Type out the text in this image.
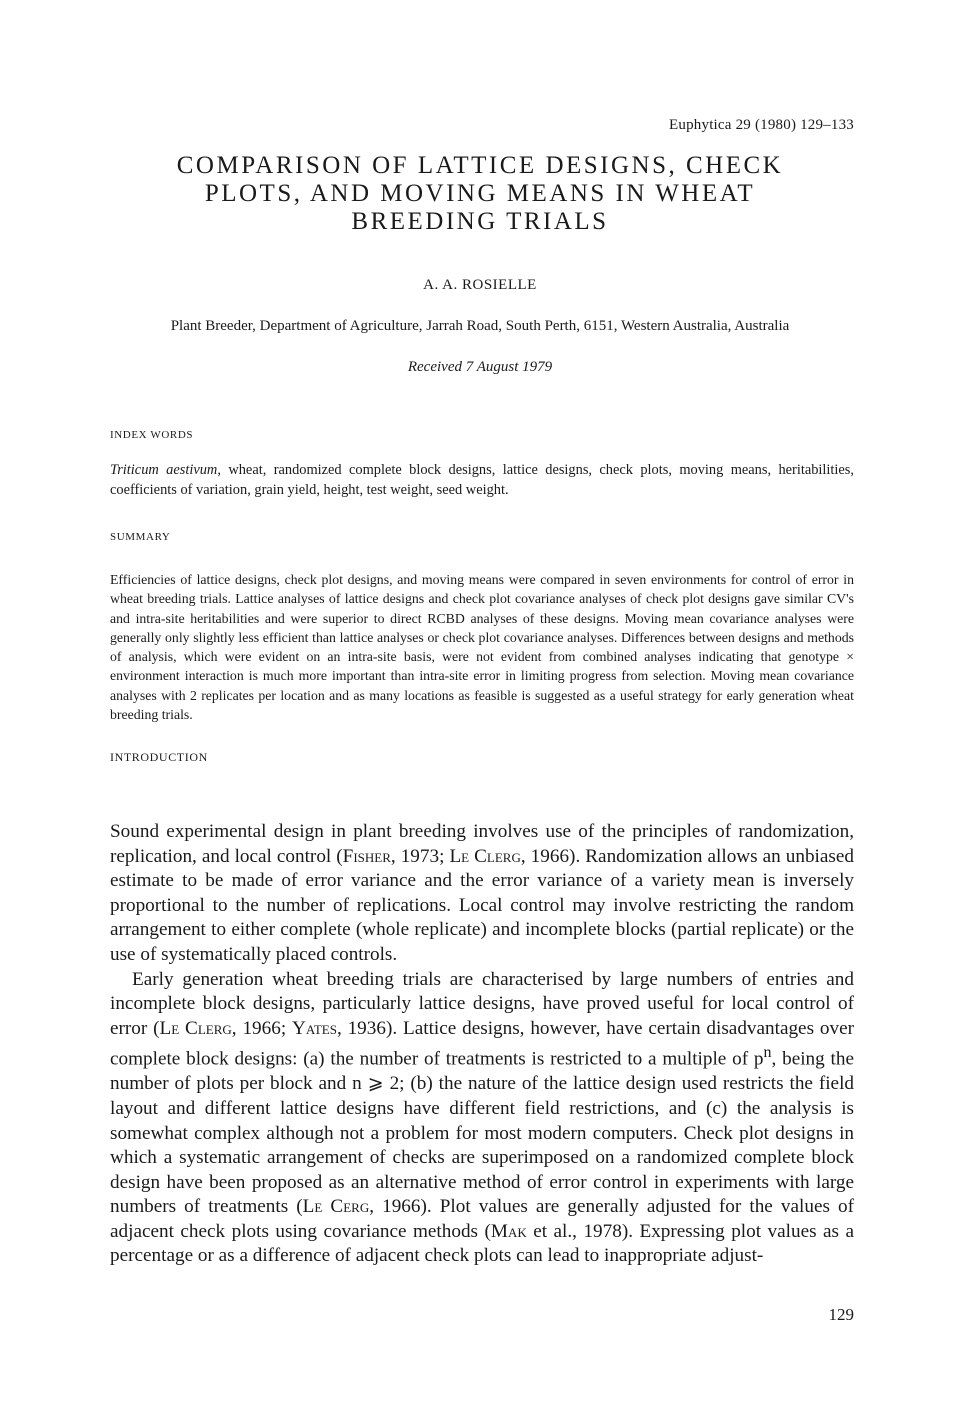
Euphytica 29 (1980) 129–133
COMPARISON OF LATTICE DESIGNS, CHECK
PLOTS, AND MOVING MEANS IN WHEAT
BREEDING TRIALS
A. A. ROSIELLE
Plant Breeder, Department of Agriculture, Jarrah Road, South Perth, 6151, Western Australia, Australia
Received 7 August 1979
INDEX WORDS

Triticum aestivum, wheat, randomized complete block designs, lattice designs, check plots, moving means, heritabilities, coefficients of variation, grain yield, height, test weight, seed weight.

SUMMARY

Efficiencies of lattice designs, check plot designs, and moving means were compared in seven environments for control of error in wheat breeding trials. Lattice analyses of lattice designs and check plot covariance analyses of check plot designs gave similar CV's and intra-site heritabilities and were superior to direct RCBD analyses of these designs. Moving mean covariance analyses were generally only slightly less efficient than lattice analyses or check plot covariance analyses. Differences between designs and methods of analysis, which were evident on an intra-site basis, were not evident from combined analyses indicating that genotype × environment interaction is much more important than intra-site error in limiting progress from selection. Moving mean covariance analyses with 2 replicates per location and as many locations as feasible is suggested as a useful strategy for early generation wheat breeding trials.

INTRODUCTION

Sound experimental design in plant breeding involves use of the principles of randomization, replication, and local control (Fisher, 1973; Le Clerg, 1966). Randomization allows an unbiased estimate to be made of error variance and the error variance of a variety mean is inversely proportional to the number of replications. Local control may involve restricting the random arrangement to either complete (whole replicate) and incomplete blocks (partial replicate) or the use of systematically placed controls.

Early generation wheat breeding trials are characterised by large numbers of entries and incomplete block designs, particularly lattice designs, have proved useful for local control of error (Le Clerg, 1966; Yates, 1936). Lattice designs, however, have certain disadvantages over complete block designs: (a) the number of treatments is restricted to a multiple of $p^n$, being the number of plots per block and n ⩾ 2; (b) the nature of the lattice design used restricts the field layout and different lattice designs have different field restrictions, and (c) the analysis is somewhat complex although not a problem for most modern computers. Check plot designs in which a systematic arrangement of checks are superimposed on a randomized complete block design have been proposed as an alternative method of error control in experiments with large numbers of treatments (Le Cerg, 1966). Plot values are generally adjusted for the values of adjacent check plots using covariance methods (Mak et al., 1978). Expressing plot values as a percentage or as a difference of adjacent check plots can lead to inappropriate adjust-

129
